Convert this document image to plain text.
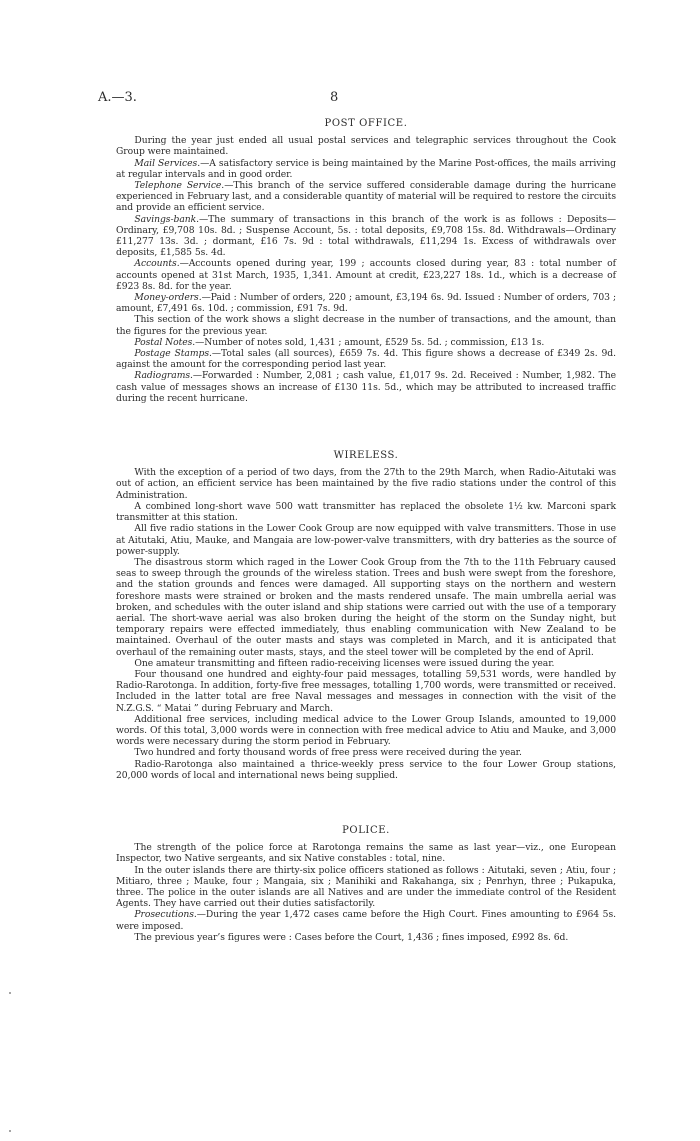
A.—3.	8
POST OFFICE.

During the year just ended all usual postal services and telegraphic services throughout the Cook Group were maintained.

Mail Services.—A satisfactory service is being maintained by the Marine Post-offices, the mails arriving at regular intervals and in good order.

Telephone Service.—This branch of the service suffered considerable damage during the hurricane experienced in February last, and a considerable quantity of material will be required to restore the circuits and provide an efficient service.

Savings-bank.—The summary of transactions in this branch of the work is as follows : Deposits—Ordinary, £9,708 10s. 8d. ; Suspense Account, 5s. : total deposits, £9,708 15s. 8d. Withdrawals—Ordinary £11,277 13s. 3d. ; dormant, £16 7s. 9d : total withdrawals, £11,294 1s. Excess of withdrawals over deposits, £1,585 5s. 4d.

Accounts.—Accounts opened during year, 199 ; accounts closed during year, 83 : total number of accounts opened at 31st March, 1935, 1,341. Amount at credit, £23,227 18s. 1d., which is a decrease of £923 8s. 8d. for the year.

Money-orders.—Paid : Number of orders, 220 ; amount, £3,194 6s. 9d. Issued : Number of orders, 703 ; amount, £7,491 6s. 10d. ; commission, £91 7s. 9d.

This section of the work shows a slight decrease in the number of transactions, and the amount, than the figures for the previous year.

Postal Notes.—Number of notes sold, 1,431 ; amount, £529 5s. 5d. ; commission, £13 1s.

Postage Stamps.—Total sales (all sources), £659 7s. 4d. This figure shows a decrease of £349 2s. 9d. against the amount for the corresponding period last year.

Radiograms.—Forwarded : Number, 2,081 ; cash value, £1,017 9s. 2d. Received : Number, 1,982. The cash value of messages shows an increase of £130 11s. 5d., which may be attributed to increased traffic during the recent hurricane.

WIRELESS.

With the exception of a period of two days, from the 27th to the 29th March, when Radio-Aitutaki was out of action, an efficient service has been maintained by the five radio stations under the control of this Administration.

A combined long-short wave 500 watt transmitter has replaced the obsolete 1½ kw. Marconi spark transmitter at this station.

All five radio stations in the Lower Cook Group are now equipped with valve transmitters. Those in use at Aitutaki, Atiu, Mauke, and Mangaia are low-power-valve transmitters, with dry batteries as the source of power-supply.

The disastrous storm which raged in the Lower Cook Group from the 7th to the 11th February caused seas to sweep through the grounds of the wireless station. Trees and bush were swept from the foreshore, and the station grounds and fences were damaged. All supporting stays on the northern and western foreshore masts were strained or broken and the masts rendered unsafe. The main umbrella aerial was broken, and schedules with the outer island and ship stations were carried out with the use of a temporary aerial. The short-wave aerial was also broken during the height of the storm on the Sunday night, but temporary repairs were effected immediately, thus enabling communication with New Zealand to be maintained. Overhaul of the outer masts and stays was completed in March, and it is anticipated that overhaul of the remaining outer masts, stays, and the steel tower will be completed by the end of April.

One amateur transmitting and fifteen radio-receiving licenses were issued during the year.

Four thousand one hundred and eighty-four paid messages, totalling 59,531 words, were handled by Radio-Rarotonga. In addition, forty-five free messages, totalling 1,700 words, were transmitted or received. Included in the latter total are free Naval messages and messages in connection with the visit of the N.Z.G.S. “ Matai ” during February and March.

Additional free services, including medical advice to the Lower Group Islands, amounted to 19,000 words. Of this total, 3,000 words were in connection with free medical advice to Atiu and Mauke, and 3,000 words were necessary during the storm period in February.

Two hundred and forty thousand words of free press were received during the year.

Radio-Rarotonga also maintained a thrice-weekly press service to the four Lower Group stations, 20,000 words of local and international news being supplied.

POLICE.

The strength of the police force at Rarotonga remains the same as last year—viz., one European Inspector, two Native sergeants, and six Native constables : total, nine.

In the outer islands there are thirty-six police officers stationed as follows : Aitutaki, seven ; Atiu, four ; Mitiaro, three ; Mauke, four ; Mangaia, six ; Manihiki and Rakahanga, six ; Penrhyn, three ; Pukapuka, three. The police in the outer islands are all Natives and are under the immediate control of the Resident Agents. They have carried out their duties satisfactorily.

Prosecutions.—During the year 1,472 cases came before the High Court. Fines amounting to £964 5s. were imposed.

The previous year’s figures were : Cases before the Court, 1,436 ; fines imposed, £992 8s. 6d.
